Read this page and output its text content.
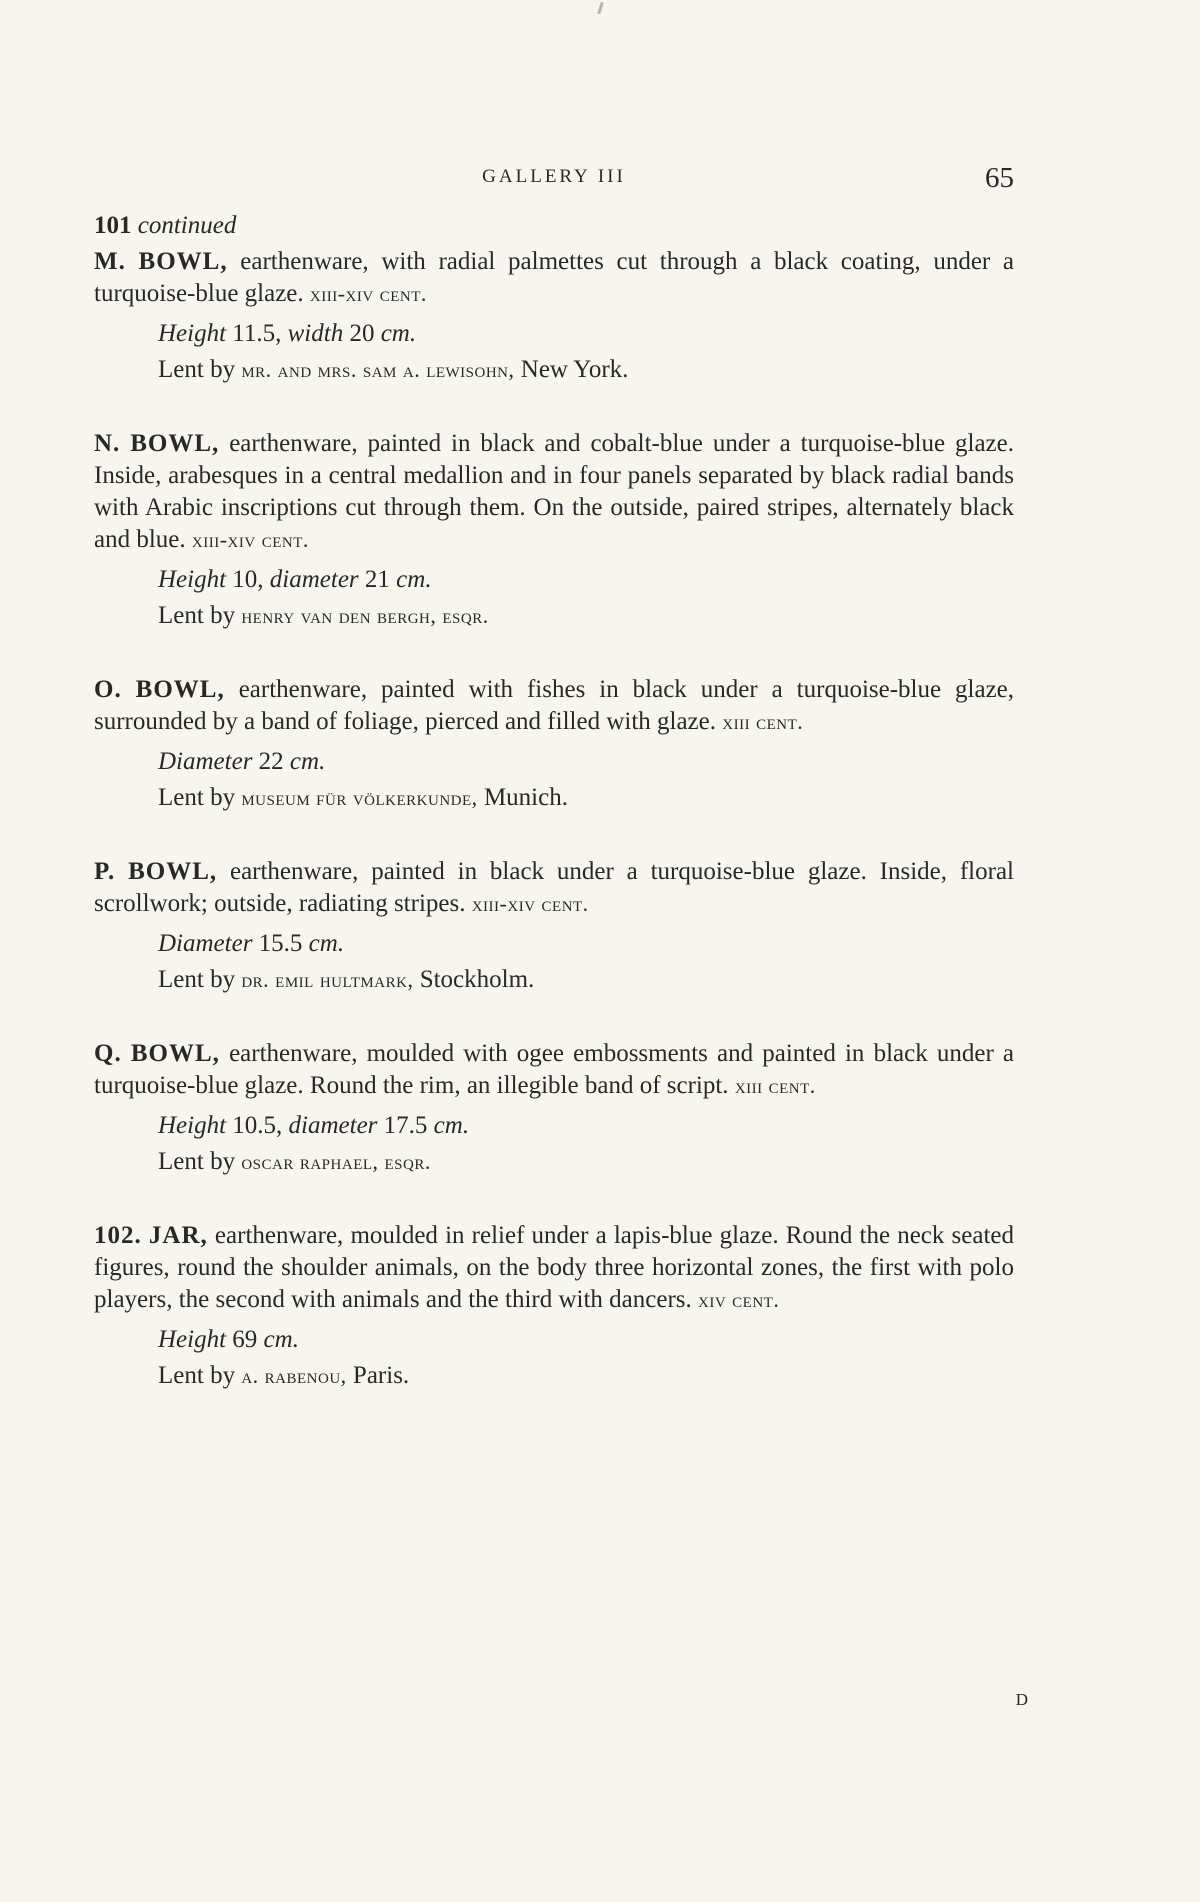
GALLERY III	65
101 continued

M. BOWL, earthenware, with radial palmettes cut through a black coating, under a turquoise-blue glaze. xiii-xiv cent.

Height 11.5, width 20 cm.
Lent by mr. and mrs. sam a. lewisohn, New York.

N. BOWL, earthenware, painted in black and cobalt-blue under a turquoise-blue glaze. Inside, arabesques in a central medallion and in four panels separated by black radial bands with Arabic inscriptions cut through them. On the outside, paired stripes, alternately black and blue. xiii-xiv cent.

Height 10, diameter 21 cm.
Lent by henry van den bergh, esqr.

O. BOWL, earthenware, painted with fishes in black under a turquoise-blue glaze, surrounded by a band of foliage, pierced and filled with glaze. xiii cent.

Diameter 22 cm.
Lent by museum für völkerkunde, Munich.

P. BOWL, earthenware, painted in black under a turquoise-blue glaze. Inside, floral scrollwork; outside, radiating stripes. xiii-xiv cent.

Diameter 15.5 cm.
Lent by dr. emil hultmark, Stockholm.

Q. BOWL, earthenware, moulded with ogee embossments and painted in black under a turquoise-blue glaze. Round the rim, an illegible band of script. xiii cent.

Height 10.5, diameter 17.5 cm.
Lent by oscar raphael, esqr.

102. JAR, earthenware, moulded in relief under a lapis-blue glaze. Round the neck seated figures, round the shoulder animals, on the body three horizontal zones, the first with polo players, the second with animals and the third with dancers. xiv cent.

Height 69 cm.
Lent by a. rabenou, Paris.
D
